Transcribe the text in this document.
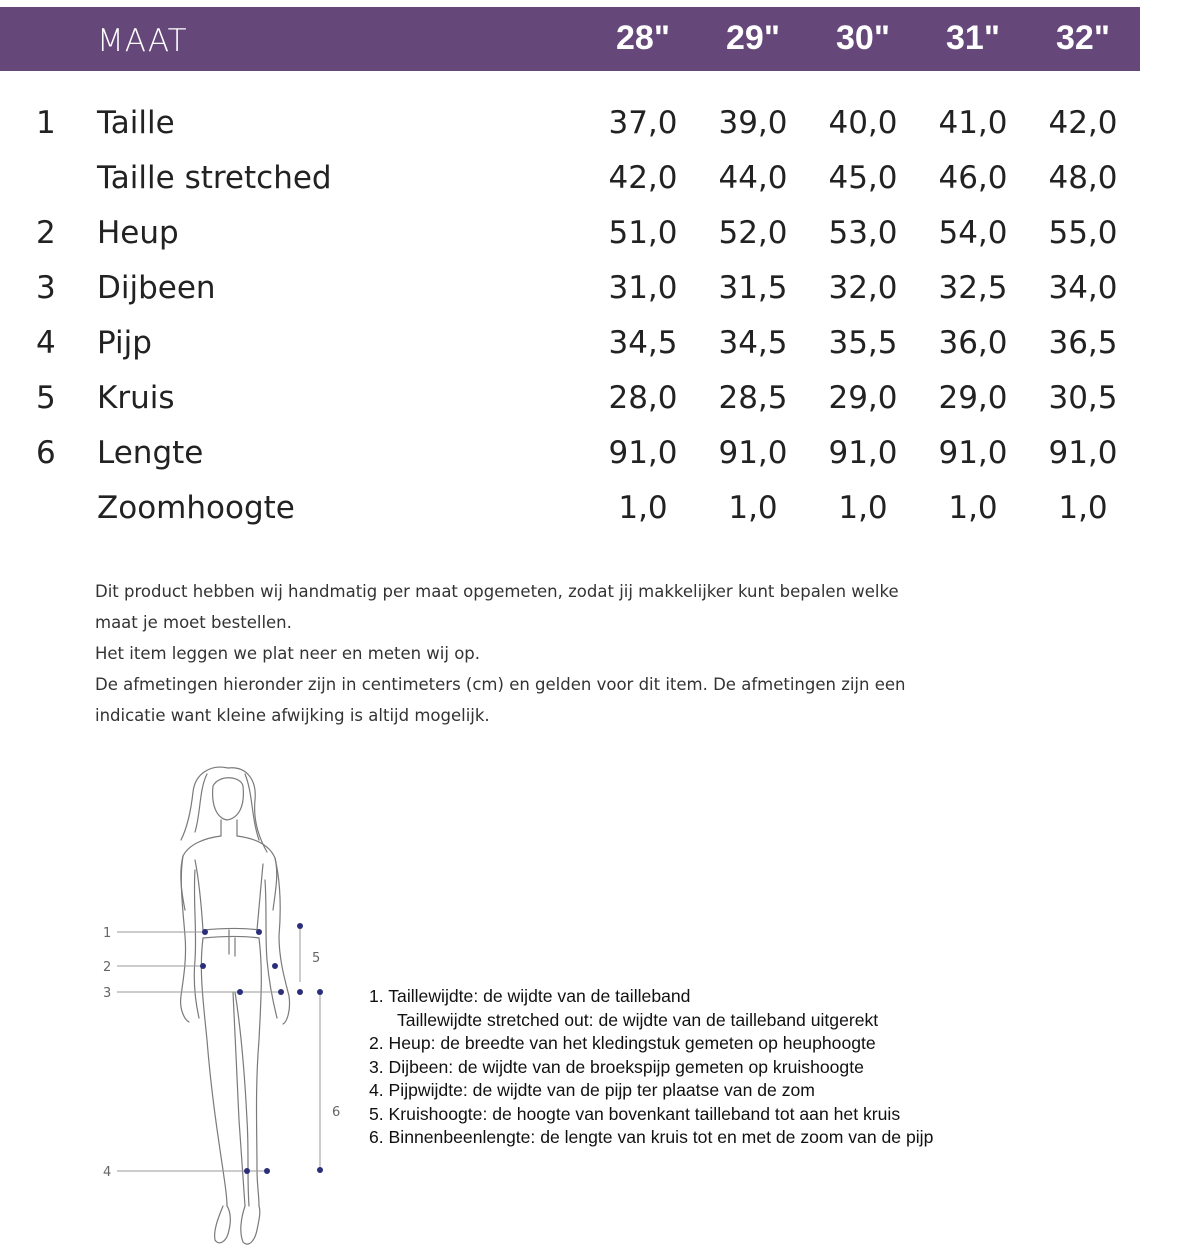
MAAT	28"	29"	30"	31"	32"
1 Taille	37,0	39,0	40,0	41,0	42,0
Taille stretched	42,0	44,0	45,0	46,0	48,0
2 Heup	51,0	52,0	53,0	54,0	55,0
3 Dijbeen	31,0	31,5	32,0	32,5	34,0
4 Pijp	34,5	34,5	35,5	36,0	36,5
5 Kruis	28,0	28,5	29,0	29,0	30,5
6 Lengte	91,0	91,0	91,0	91,0	91,0
Zoomhoogte	1,0	1,0	1,0	1,0	1,0

Dit product hebben wij handmatig per maat opgemeten, zodat jij makkelijker kunt bepalen welke

maat je moet bestellen.

Het item leggen we plat neer en meten wij op.

De afmetingen hieronder zijn in centimeters (cm) en gelden voor dit item. De afmetingen zijn een

indicatie want kleine afwijking is altijd mogelijk.

1
2
3
4
5
6

1. Taillewijdte: de wijdte van de tailleband

Taillewijdte stretched out: de wijdte van de tailleband uitgerekt

2. Heup: de breedte van het kledingstuk gemeten op heuphoogte

3. Dijbeen: de wijdte van de broekspijp gemeten op kruishoogte

4. Pijpwijdte: de wijdte van de pijp ter plaatse van de zom

5. Kruishoogte: de hoogte van bovenkant tailleband tot aan het kruis

6. Binnenbeenlengte: de lengte van kruis tot en met de zoom van de pijp
